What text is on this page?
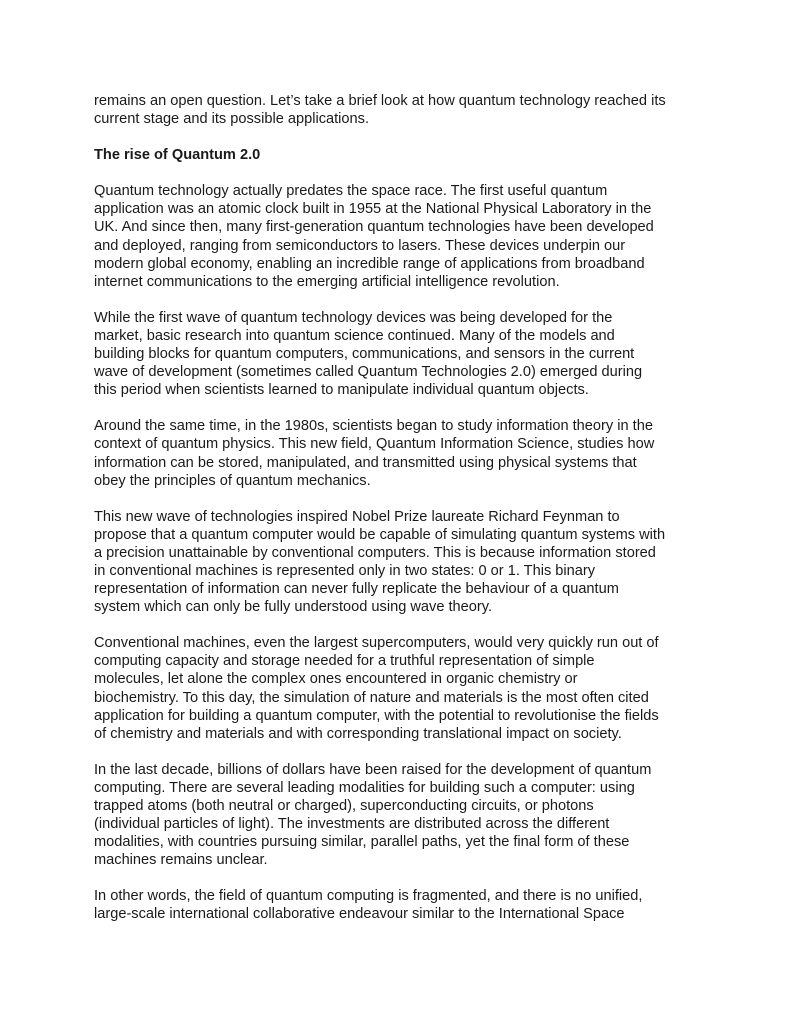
remains an open question. Let’s take a brief look at how quantum technology reached its
current stage and its possible applications.

The rise of Quantum 2.0

Quantum technology actually predates the space race. The first useful quantum
application was an atomic clock built in 1955 at the National Physical Laboratory in the
UK. And since then, many first-generation quantum technologies have been developed
and deployed, ranging from semiconductors to lasers. These devices underpin our
modern global economy, enabling an incredible range of applications from broadband
internet communications to the emerging artificial intelligence revolution.

While the first wave of quantum technology devices was being developed for the
market, basic research into quantum science continued. Many of the models and
building blocks for quantum computers, communications, and sensors in the current
wave of development (sometimes called Quantum Technologies 2.0) emerged during
this period when scientists learned to manipulate individual quantum objects.

Around the same time, in the 1980s, scientists began to study information theory in the
context of quantum physics. This new field, Quantum Information Science, studies how
information can be stored, manipulated, and transmitted using physical systems that
obey the principles of quantum mechanics.

This new wave of technologies inspired Nobel Prize laureate Richard Feynman to
propose that a quantum computer would be capable of simulating quantum systems with
a precision unattainable by conventional computers. This is because information stored
in conventional machines is represented only in two states: 0 or 1. This binary
representation of information can never fully replicate the behaviour of a quantum
system which can only be fully understood using wave theory.

Conventional machines, even the largest supercomputers, would very quickly run out of
computing capacity and storage needed for a truthful representation of simple
molecules, let alone the complex ones encountered in organic chemistry or
biochemistry. To this day, the simulation of nature and materials is the most often cited
application for building a quantum computer, with the potential to revolutionise the fields
of chemistry and materials and with corresponding translational impact on society.

In the last decade, billions of dollars have been raised for the development of quantum
computing. There are several leading modalities for building such a computer: using
trapped atoms (both neutral or charged), superconducting circuits, or photons
(individual particles of light). The investments are distributed across the different
modalities, with countries pursuing similar, parallel paths, yet the final form of these
machines remains unclear.

In other words, the field of quantum computing is fragmented, and there is no unified,
large-scale international collaborative endeavour similar to the International Space
